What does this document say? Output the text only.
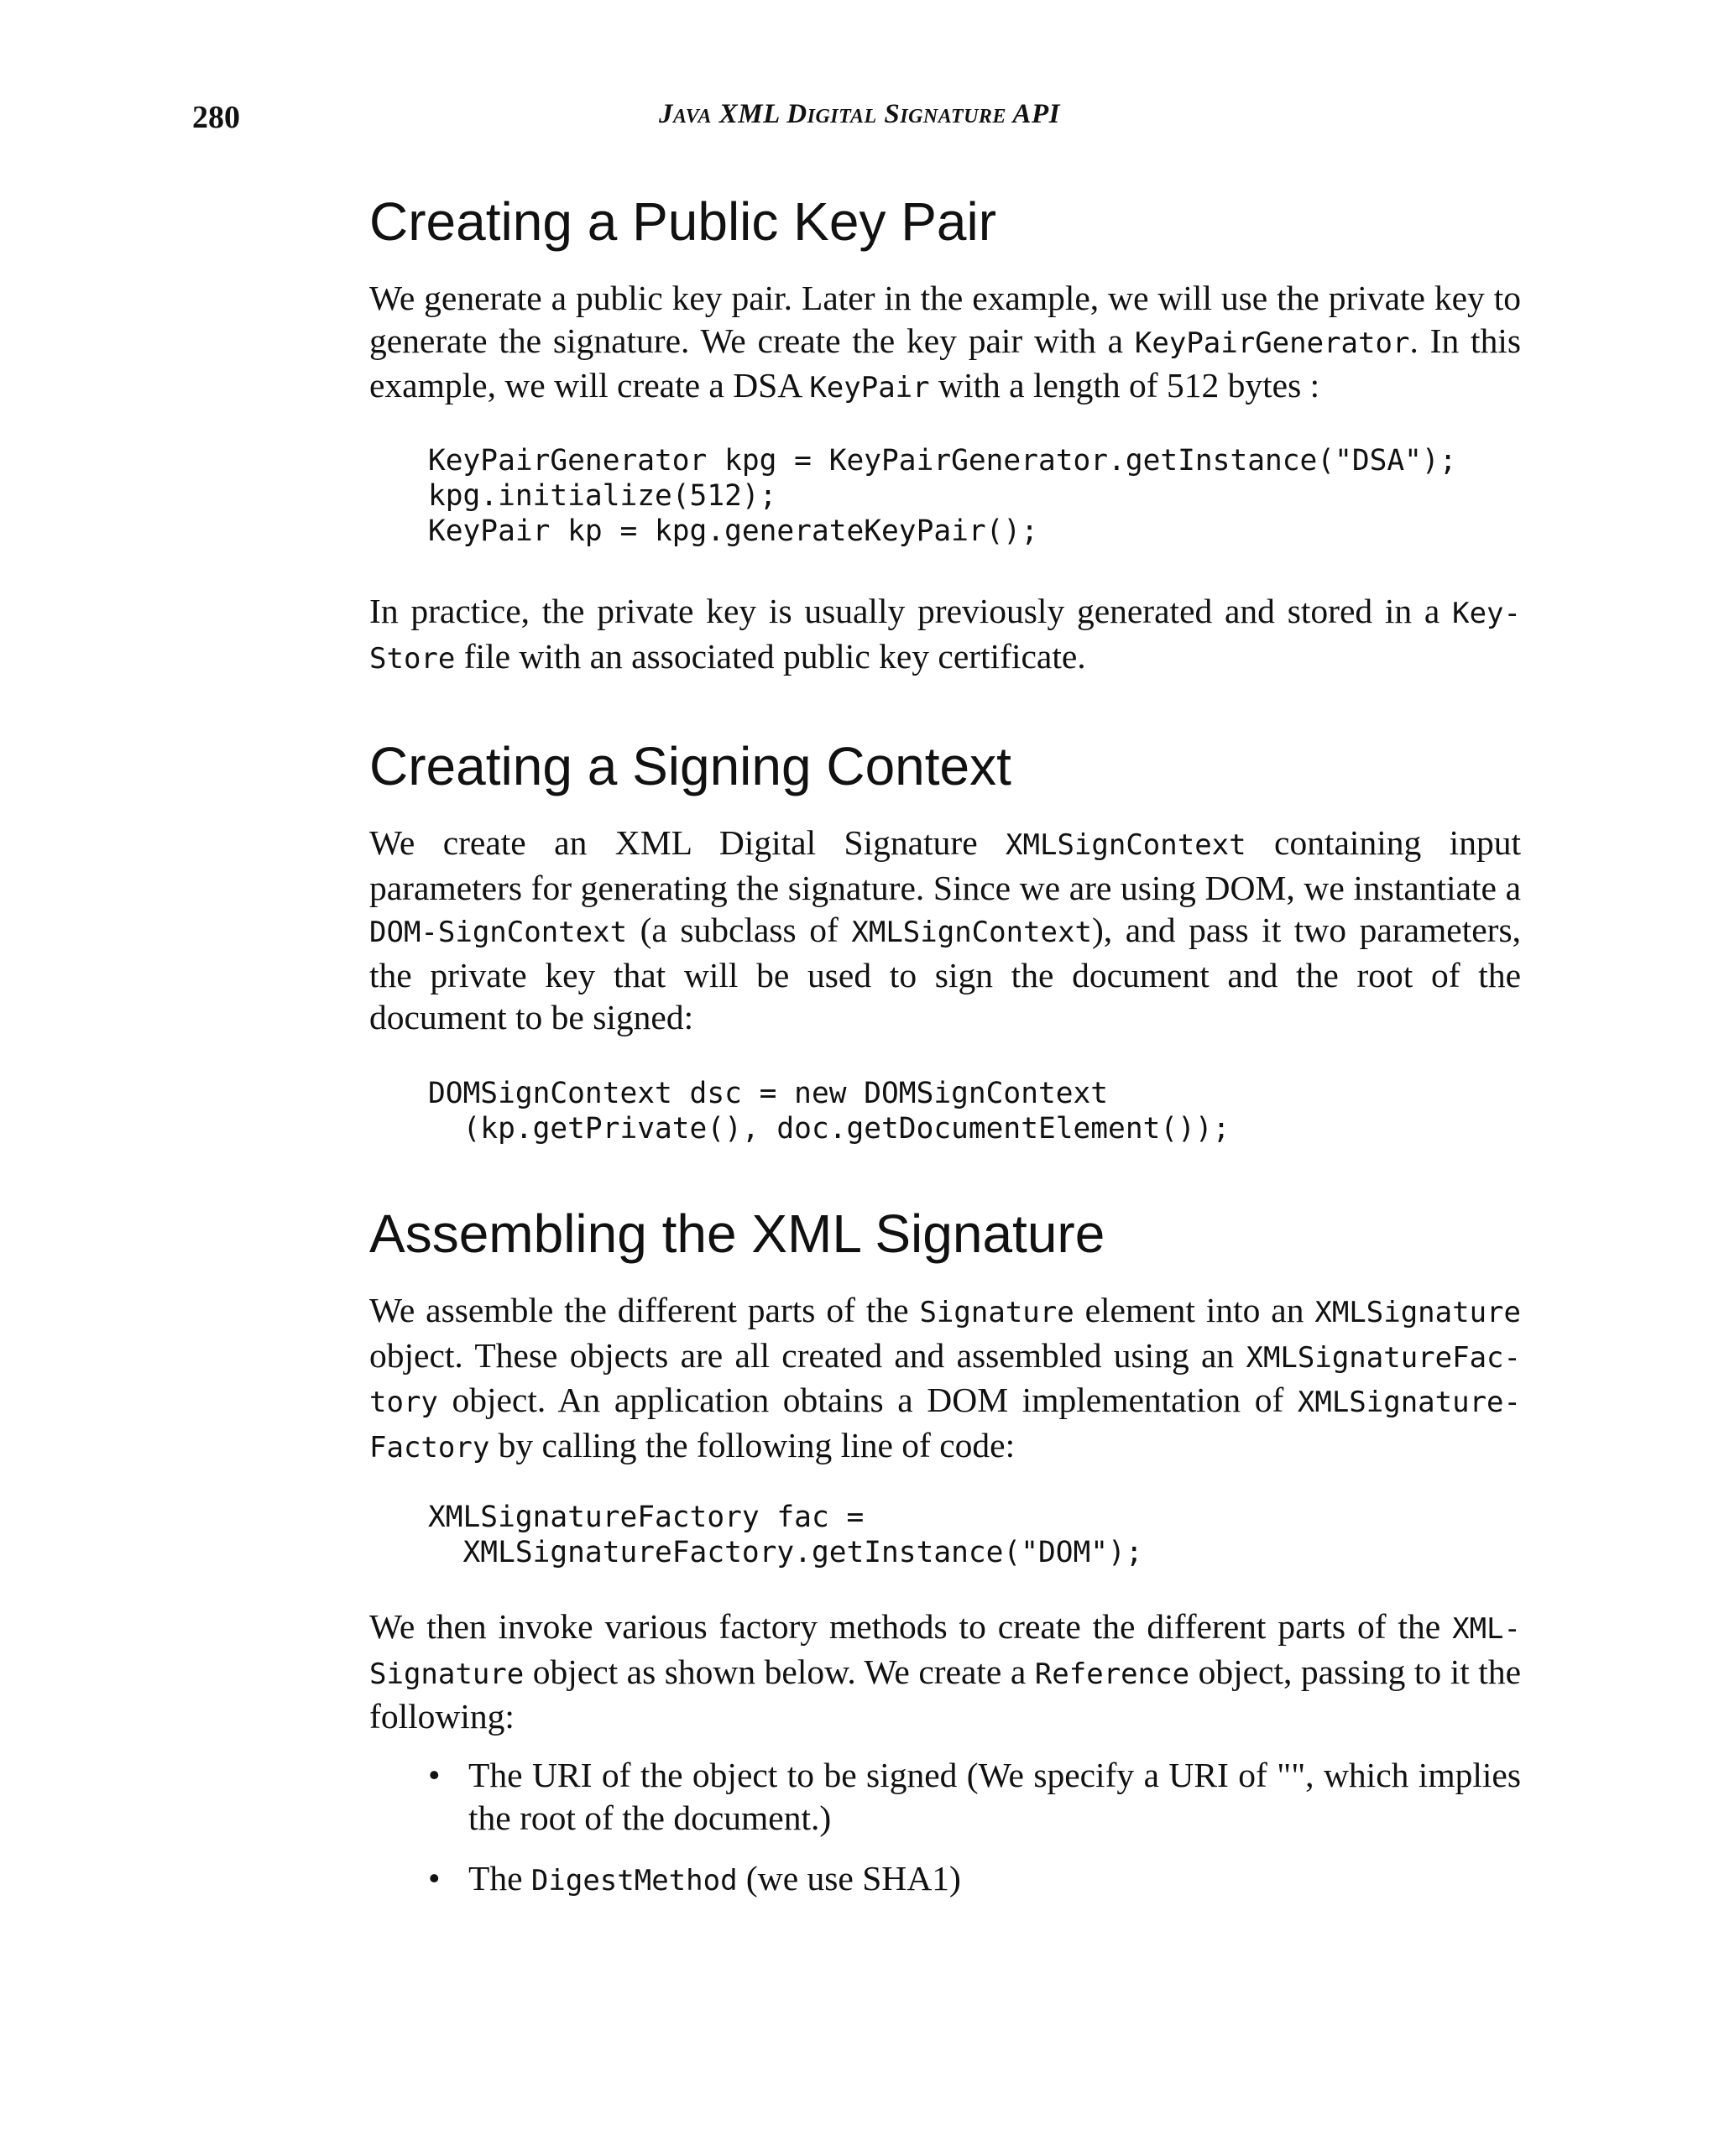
280	JAVA XML DIGITAL SIGNATURE API
Creating a Public Key Pair

We generate a public key pair. Later in the example, we will use the private key to generate the signature. We create the key pair with a KeyPairGenerator. In this example, we will create a DSA KeyPair with a length of 512 bytes :

KeyPairGenerator kpg = KeyPairGenerator.getInstance("DSA");
kpg.initialize(512);
KeyPair kp = kpg.generateKeyPair();

In practice, the private key is usually previously generated and stored in a Key-Store file with an associated public key certificate.

Creating a Signing Context

We create an XML Digital Signature XMLSignContext containing input parameters for generating the signature. Since we are using DOM, we instantiate a DOM-SignContext (a subclass of XMLSignContext), and pass it two parameters, the private key that will be used to sign the document and the root of the document to be signed:

DOMSignContext dsc = new DOMSignContext
(kp.getPrivate(), doc.getDocumentElement());
Assembling the XML Signature

We assemble the different parts of the Signature element into an XMLSignature object. These objects are all created and assembled using an XMLSignatureFac-tory object. An application obtains a DOM implementation of XMLSignature-Factory by calling the following line of code:

XMLSignatureFactory fac =
XMLSignatureFactory.getInstance("DOM");

We then invoke various factory methods to create the different parts of the XML-Signature object as shown below. We create a Reference object, passing to it the following:

• The URI of the object to be signed (We specify a URI of "", which implies the root of the document.)
• The DigestMethod (we use SHA1)
